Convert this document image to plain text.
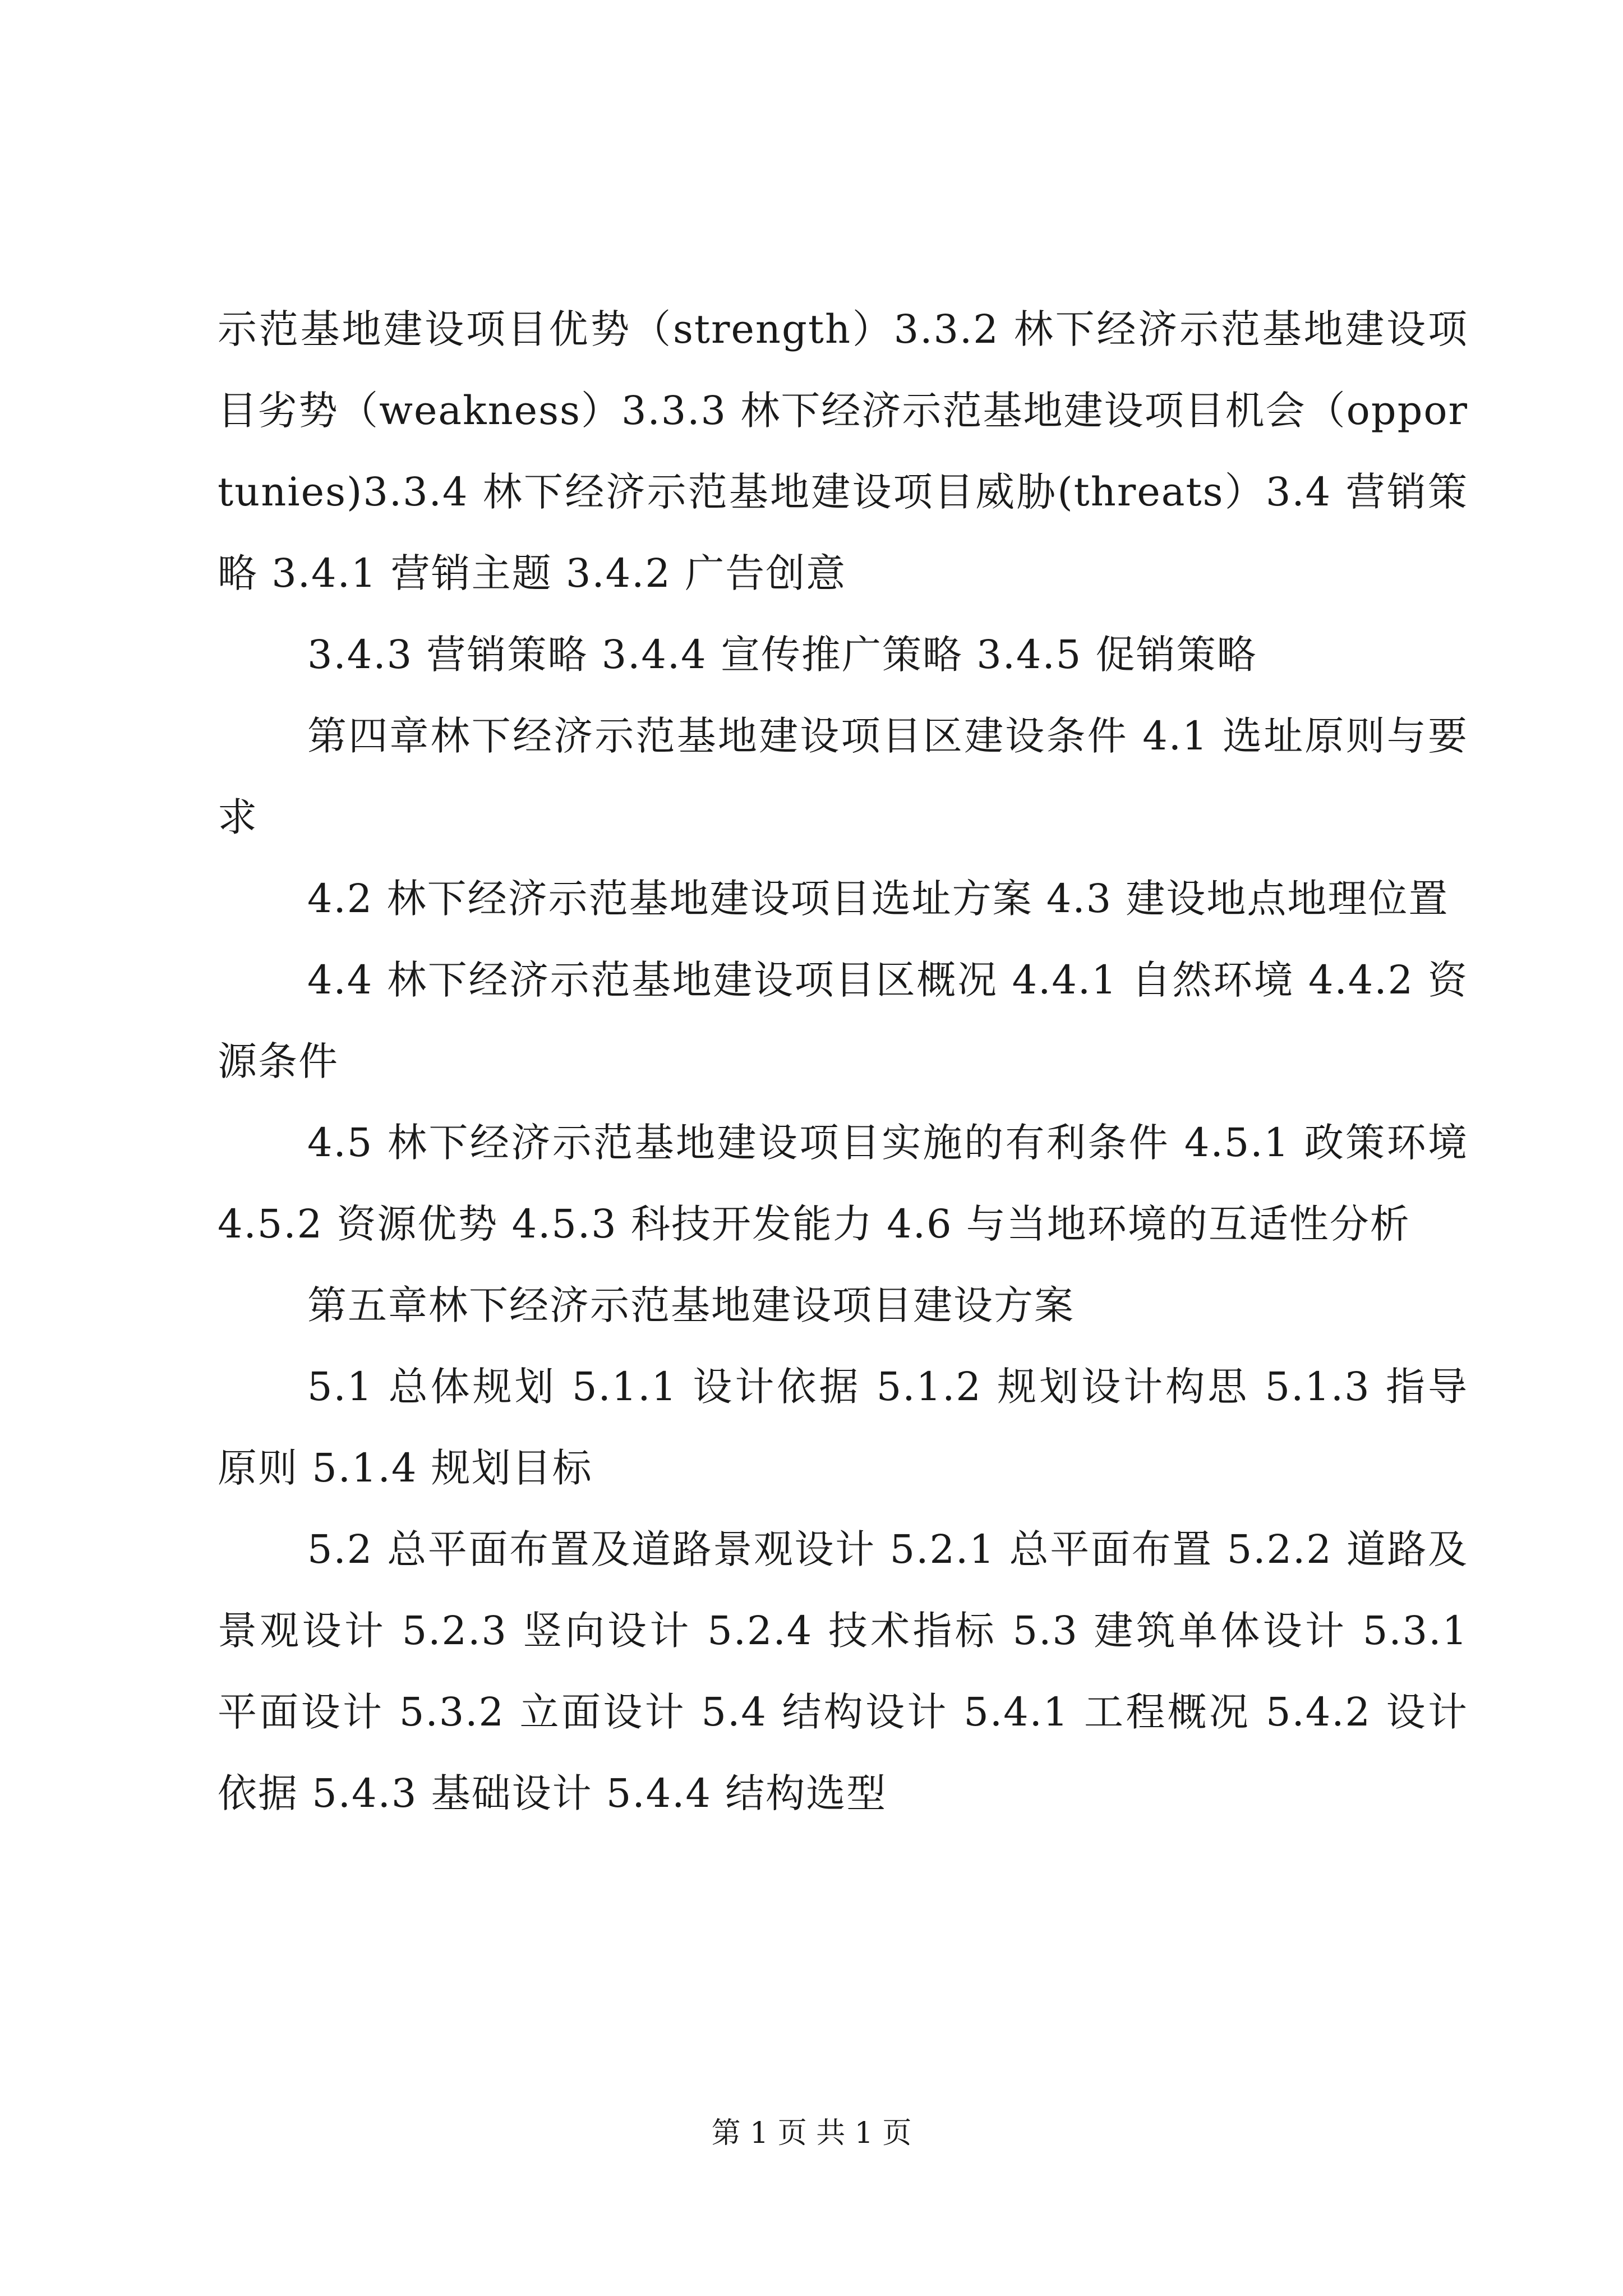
示范基地建设项目优势（strength）3.3.2 林下经济示范基地建设项目劣势（weakness）3.3.3 林下经济示范基地建设项目机会（opportunies)3.3.4 林下经济示范基地建设项目威胁(threats）3.4 营销策略 3.4.1 营销主题 3.4.2 广告创意

3.4.3 营销策略 3.4.4 宣传推广策略 3.4.5 促销策略

第四章林下经济示范基地建设项目区建设条件 4.1 选址原则与要求

4.2 林下经济示范基地建设项目选址方案 4.3 建设地点地理位置

4.4 林下经济示范基地建设项目区概况 4.4.1 自然环境 4.4.2 资源条件

4.5 林下经济示范基地建设项目实施的有利条件 4.5.1 政策环境 4.5.2 资源优势 4.5.3 科技开发能力 4.6 与当地环境的互适性分析

第五章林下经济示范基地建设项目建设方案

5.1 总体规划 5.1.1 设计依据 5.1.2 规划设计构思 5.1.3 指导原则 5.1.4 规划目标

5.2 总平面布置及道路景观设计 5.2.1 总平面布置 5.2.2 道路及景观设计 5.2.3 竖向设计 5.2.4 技术指标 5.3 建筑单体设计 5.3.1 平面设计 5.3.2 立面设计 5.4 结构设计 5.4.1 工程概况 5.4.2 设计依据 5.4.3 基础设计 5.4.4 结构选型

第 1 页 共 1 页
